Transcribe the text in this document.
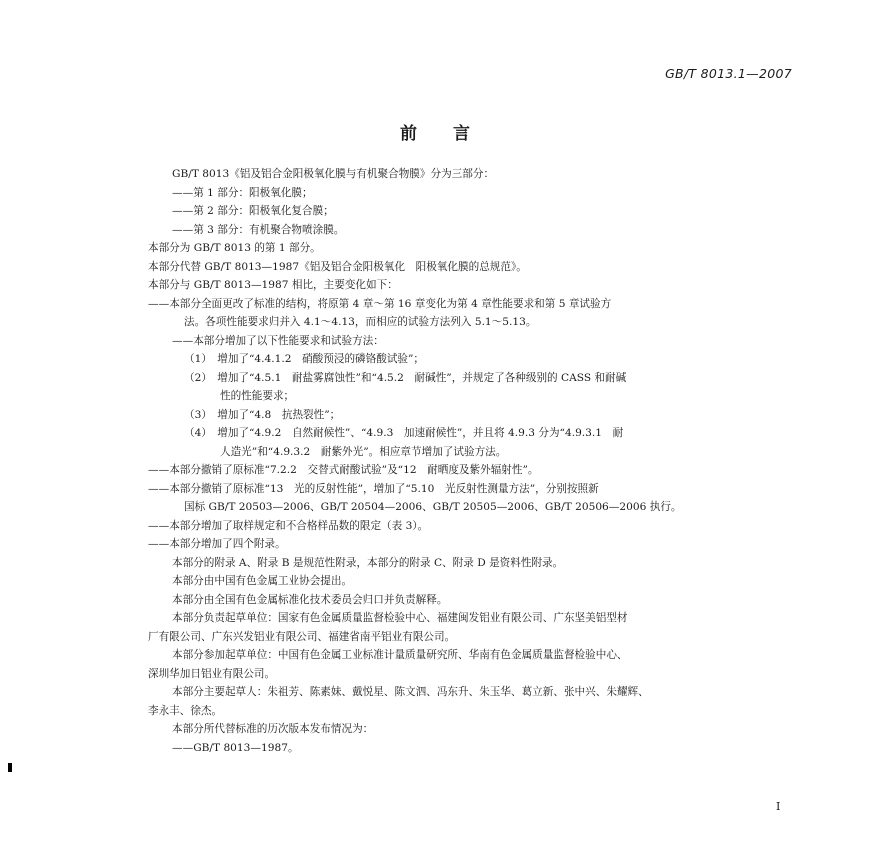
GB/T 8013.1—2007
前 言
GB/T 8013《铝及铝合金阳极氧化膜与有机聚合物膜》分为三部分：
——第 1 部分：阳极氧化膜；
——第 2 部分：阳极氧化复合膜；
——第 3 部分：有机聚合物喷涂膜。
本部分为 GB/T 8013 的第 1 部分。
本部分代替 GB/T 8013—1987《铝及铝合金阳极氧化　阳极氧化膜的总规范》。
本部分与 GB/T 8013—1987 相比，主要变化如下：
——本部分全面更改了标准的结构，将原第 4 章～第 16 章变化为第 4 章性能要求和第 5 章试验方
法。各项性能要求归并入 4.1～4.13，而相应的试验方法列入 5.1～5.13。
——本部分增加了以下性能要求和试验方法：
（1）　增加了“4.4.1.2　硝酸预浸的磷铬酸试验”；
（2）　增加了“4.5.1　耐盐雾腐蚀性”和“4.5.2　耐碱性”，并规定了各种级别的 CASS 和耐碱
性的性能要求；
（3）　增加了“4.8　抗热裂性”；
（4）　增加了“4.9.2　自然耐候性”、“4.9.3　加速耐候性”，并且将 4.9.3 分为“4.9.3.1　耐
人造光”和“4.9.3.2　耐紫外光”。相应章节增加了试验方法。
——本部分撤销了原标准“7.2.2　交替式耐酸试验”及“12　耐晒度及紫外辐射性”。
——本部分撤销了原标准“13　光的反射性能”，增加了“5.10　光反射性测量方法”，分别按照新
国标 GB/T 20503—2006、GB/T 20504—2006、GB/T 20505—2006、GB/T 20506—2006 执行。
——本部分增加了取样规定和不合格样品数的限定（表 3）。
——本部分增加了四个附录。
本部分的附录 A、附录 B 是规范性附录，本部分的附录 C、附录 D 是资料性附录。
本部分由中国有色金属工业协会提出。
本部分由全国有色金属标准化技术委员会归口并负责解释。
本部分负责起草单位：国家有色金属质量监督检验中心、福建闽发铝业有限公司、广东坚美铝型材
厂有限公司、广东兴发铝业有限公司、福建省南平铝业有限公司。
本部分参加起草单位：中国有色金属工业标准计量质量研究所、华南有色金属质量监督检验中心、
深圳华加日铝业有限公司。
本部分主要起草人：朱祖芳、陈素妹、戴悦星、陈文泗、冯东升、朱玉华、葛立新、张中兴、朱耀辉、
李永丰、徐杰。
本部分所代替标准的历次版本发布情况为：
——GB/T 8013—1987。
I
